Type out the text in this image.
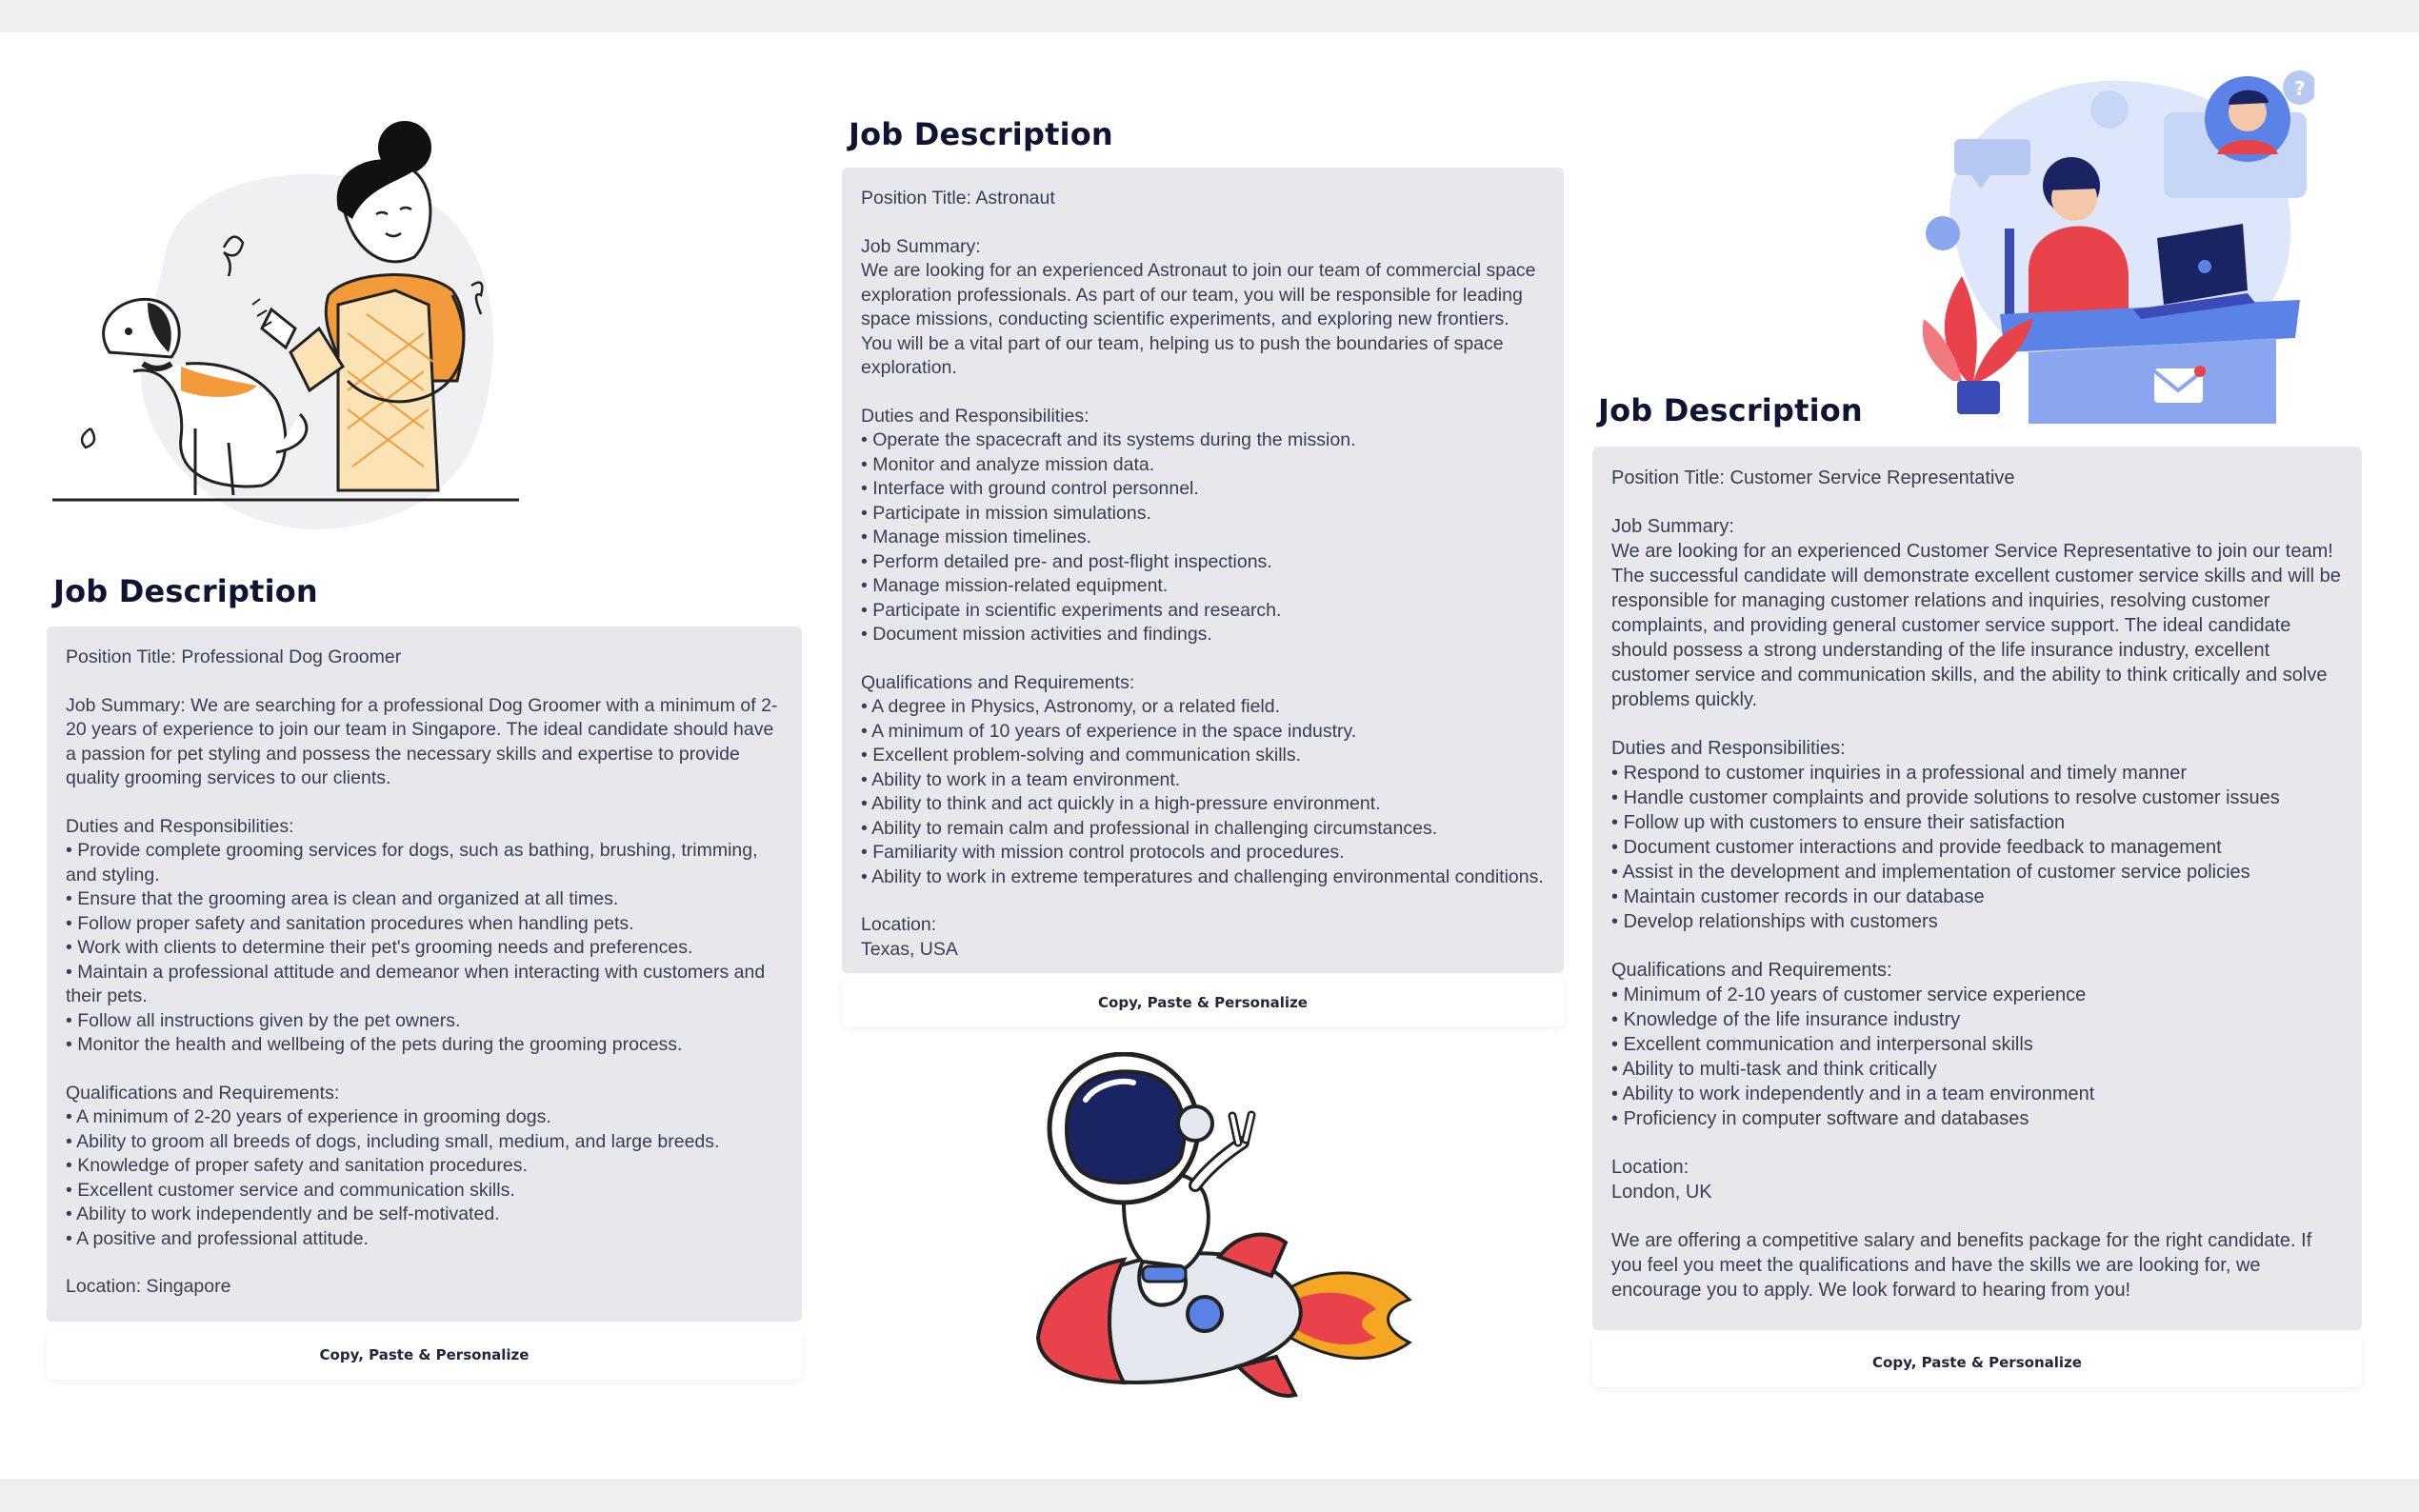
Job Description

Position Title: Professional Dog Groomer

Job Summary: We are searching for a professional Dog Groomer with a minimum of 2-20 years of experience to join our team in Singapore. The ideal candidate should have a passion for pet styling and possess the necessary skills and expertise to provide quality grooming services to our clients.

Duties and Responsibilities:

• Provide complete grooming services for dogs, such as bathing, brushing, trimming, and styling.
• Ensure that the grooming area is clean and organized at all times.
• Follow proper safety and sanitation procedures when handling pets.
• Work with clients to determine their pet's grooming needs and preferences.
• Maintain a professional attitude and demeanor when interacting with customers and their pets.
• Follow all instructions given by the pet owners.
• Monitor the health and wellbeing of the pets during the grooming process.

Qualifications and Requirements:

• A minimum of 2-20 years of experience in grooming dogs.
• Ability to groom all breeds of dogs, including small, medium, and large breeds.
• Knowledge of proper safety and sanitation procedures.
• Excellent customer service and communication skills.
• Ability to work independently and be self-motivated.
• A positive and professional attitude.

Location: Singapore

Copy, Paste & Personalize
Job Description

Position Title: Astronaut

Job Summary:

We are looking for an experienced Astronaut to join our team of commercial space exploration professionals. As part of our team, you will be responsible for leading space missions, conducting scientific experiments, and exploring new frontiers. You will be a vital part of our team, helping us to push the boundaries of space exploration.

Duties and Responsibilities:

• Operate the spacecraft and its systems during the mission.
• Monitor and analyze mission data.
• Interface with ground control personnel.
• Participate in mission simulations.
• Manage mission timelines.
• Perform detailed pre- and post-flight inspections.
• Manage mission-related equipment.
• Participate in scientific experiments and research.
• Document mission activities and findings.

Qualifications and Requirements:

• A degree in Physics, Astronomy, or a related field.
• A minimum of 10 years of experience in the space industry.
• Excellent problem-solving and communication skills.
• Ability to work in a team environment.
• Ability to think and act quickly in a high-pressure environment.
• Ability to remain calm and professional in challenging circumstances.
• Familiarity with mission control protocols and procedures.
• Ability to work in extreme temperatures and challenging environmental conditions.

Location:

Texas, USA

Copy, Paste & Personalize
?
Job Description

Position Title: Customer Service Representative

Job Summary:

We are looking for an experienced Customer Service Representative to join our team! The successful candidate will demonstrate excellent customer service skills and will be responsible for managing customer relations and inquiries, resolving customer complaints, and providing general customer service support. The ideal candidate should possess a strong understanding of the life insurance industry, excellent customer service and communication skills, and the ability to think critically and solve problems quickly.

Duties and Responsibilities:

• Respond to customer inquiries in a professional and timely manner
• Handle customer complaints and provide solutions to resolve customer issues
• Follow up with customers to ensure their satisfaction
• Document customer interactions and provide feedback to management
• Assist in the development and implementation of customer service policies
• Maintain customer records in our database
• Develop relationships with customers

Qualifications and Requirements:

• Minimum of 2-10 years of customer service experience
• Knowledge of the life insurance industry
• Excellent communication and interpersonal skills
• Ability to multi-task and think critically
• Ability to work independently and in a team environment
• Proficiency in computer software and databases

Location:

London, UK

We are offering a competitive salary and benefits package for the right candidate. If you feel you meet the qualifications and have the skills we are looking for, we encourage you to apply. We look forward to hearing from you!

Copy, Paste & Personalize
